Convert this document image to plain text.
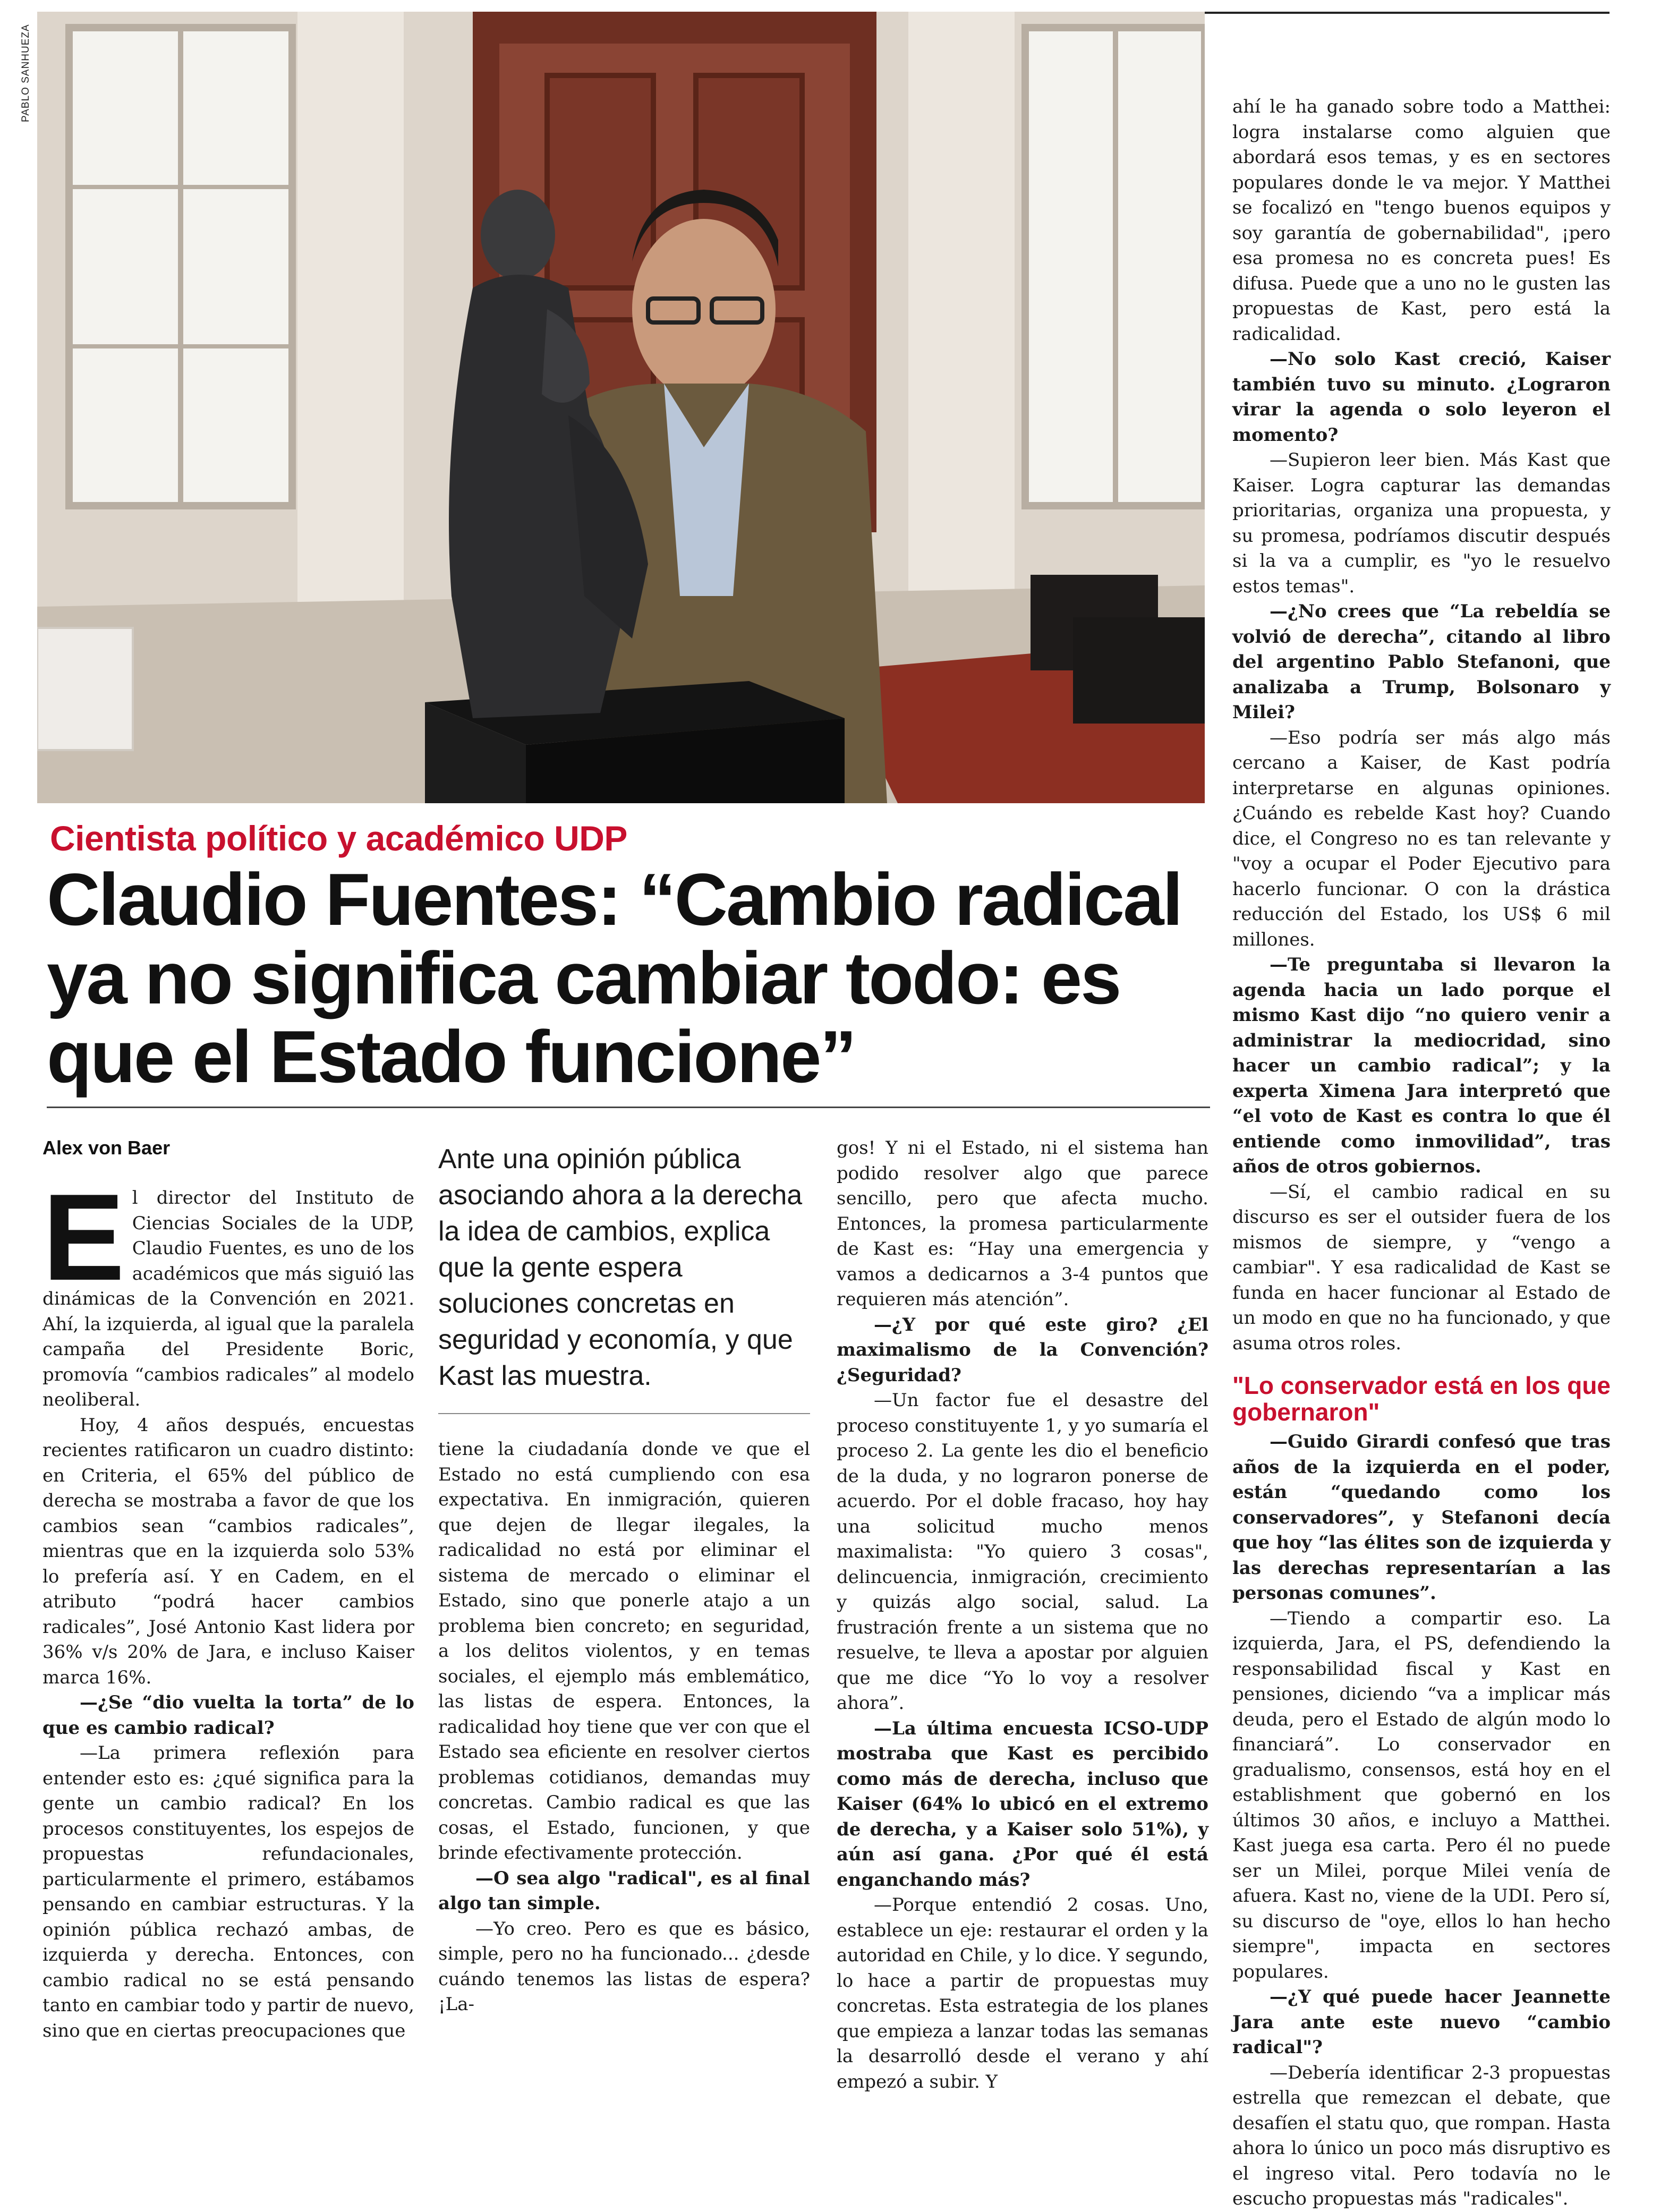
PABLO SANHUEZA
Cientista político y académico UDP
Claudio Fuentes: “Cambio radical ya no significa cambiar todo: es que el Estado funcione”
Alex von Baer

El director del Instituto de Ciencias Sociales de la UDP, Claudio Fuentes, es uno de los académicos que más siguió las dinámicas de la Convención en 2021. Ahí, la izquierda, al igual que la paralela campaña del Presidente Boric, promovía “cambios radicales” al modelo neoliberal.

Hoy, 4 años después, encuestas recientes ratificaron un cuadro distinto: en Criteria, el 65% del público de derecha se mostraba a favor de que los cambios sean “cambios radicales”, mientras que en la izquierda solo 53% lo prefería así. Y en Cadem, en el atributo “podrá hacer cambios radicales”, José Antonio Kast lidera por 36% v/s 20% de Jara, e incluso Kaiser marca 16%.

—¿Se “dio vuelta la torta” de lo que es cambio radical?

—La primera reflexión para entender esto es: ¿qué significa para la gente un cambio radical? En los procesos constituyentes, los espejos de propuestas refundacionales, particularmente el primero, estábamos pensando en cambiar estructuras. Y la opinión pública rechazó ambas, de izquierda y derecha. Entonces, con cambio radical no se está pensando tanto en cambiar todo y partir de nuevo, sino que en ciertas preocupaciones que

Ante una opinión pública asociando ahora a la derecha la idea de cambios, explica que la gente espera soluciones concretas en seguridad y economía, y que Kast las muestra.

tiene la ciudadanía donde ve que el Estado no está cumpliendo con esa expectativa. En inmigración, quieren que dejen de llegar ilegales, la radicalidad no está por eliminar el sistema de mercado o eliminar el Estado, sino que ponerle atajo a un problema bien concreto; en seguridad, a los delitos violentos, y en temas sociales, el ejemplo más emblemático, las listas de espera. Entonces, la radicalidad hoy tiene que ver con que el Estado sea eficiente en resolver ciertos problemas cotidianos, demandas muy concretas. Cambio radical es que las cosas, el Estado, funcionen, y que brinde efectivamente protección.

—O sea algo "radical", es al final algo tan simple.

—Yo creo. Pero es que es básico, simple, pero no ha funcionado... ¿desde cuándo tenemos las listas de espera? ¡La-

gos! Y ni el Estado, ni el sistema han podido resolver algo que parece sencillo, pero que afecta mucho. Entonces, la promesa particularmente de Kast es: “Hay una emergencia y vamos a dedicarnos a 3-4 puntos que requieren más atención”.

—¿Y por qué este giro? ¿El maximalismo de la Convención? ¿Seguridad?

—Un factor fue el desastre del proceso constituyente 1, y yo sumaría el proceso 2. La gente les dio el beneficio de la duda, y no lograron ponerse de acuerdo. Por el doble fracaso, hoy hay una solicitud mucho menos maximalista: "Yo quiero 3 cosas", delincuencia, inmigración, crecimiento y quizás algo social, salud. La frustración frente a un sistema que no resuelve, te lleva a apostar por alguien que me dice “Yo lo voy a resolver ahora”.

—La última encuesta ICSO-UDP mostraba que Kast es percibido como más de derecha, incluso que Kaiser (64% lo ubicó en el extremo de derecha, y a Kaiser solo 51%), y aún así gana. ¿Por qué él está enganchando más?

—Porque entendió 2 cosas. Uno, establece un eje: restaurar el orden y la autoridad en Chile, y lo dice. Y segundo, lo hace a partir de propuestas muy concretas. Esta estrategia de los planes que empieza a lanzar todas las semanas la desarrolló desde el verano y ahí empezó a subir. Y

ahí le ha ganado sobre todo a Matthei: logra instalarse como alguien que abordará esos temas, y es en sectores populares donde le va mejor. Y Matthei se focalizó en "tengo buenos equipos y soy garantía de gobernabilidad", ¡pero esa promesa no es concreta pues! Es difusa. Puede que a uno no le gusten las propuestas de Kast, pero está la radicalidad.

—No solo Kast creció, Kaiser también tuvo su minuto. ¿Lograron virar la agenda o solo leyeron el momento?

—Supieron leer bien. Más Kast que Kaiser. Logra capturar las demandas prioritarias, organiza una propuesta, y su promesa, podríamos discutir después si la va a cumplir, es "yo le resuelvo estos temas".

—¿No crees que “La rebeldía se volvió de derecha”, citando al libro del argentino Pablo Stefanoni, que analizaba a Trump, Bolsonaro y Milei?

—Eso podría ser más algo más cercano a Kaiser, de Kast podría interpretarse en algunas opiniones. ¿Cuándo es rebelde Kast hoy? Cuando dice, el Congreso no es tan relevante y "voy a ocupar el Poder Ejecutivo para hacerlo funcionar. O con la drástica reducción del Estado, los US$ 6 mil millones.

—Te preguntaba si llevaron la agenda hacia un lado porque el mismo Kast dijo “no quiero venir a administrar la mediocridad, sino hacer un cambio radical”; y la experta Ximena Jara interpretó que “el voto de Kast es contra lo que él entiende como inmovilidad”, tras años de otros gobiernos.

—Sí, el cambio radical en su discurso es ser el outsider fuera de los mismos de siempre, y “vengo a cambiar". Y esa radicalidad de Kast se funda en hacer funcionar al Estado de un modo en que no ha funcionado, y que asuma otros roles.

"Lo conservador está en los que gobernaron"

—Guido Girardi confesó que tras años de la izquierda en el poder, están “quedando como los conservadores”, y Stefanoni decía que hoy “las élites son de izquierda y las derechas representarían a las personas comunes”.

—Tiendo a compartir eso. La izquierda, Jara, el PS, defendiendo la responsabilidad fiscal y Kast en pensiones, diciendo “va a implicar más deuda, pero el Estado de algún modo lo financiará”. Lo conservador en gradualismo, consensos, está hoy en el establishment que gobernó en los últimos 30 años, e incluyo a Matthei. Kast juega esa carta. Pero él no puede ser un Milei, porque Milei venía de afuera. Kast no, viene de la UDI. Pero sí, su discurso de "oye, ellos lo han hecho siempre", impacta en sectores populares.

—¿Y qué puede hacer Jeannette Jara ante este nuevo “cambio radical"?

—Debería identificar 2-3 propuestas estrella que remezcan el debate, que desafíen el statu quo, que rompan. Hasta ahora lo único un poco más disruptivo es el ingreso vital. Pero todavía no le escucho propuestas más "radicales".
